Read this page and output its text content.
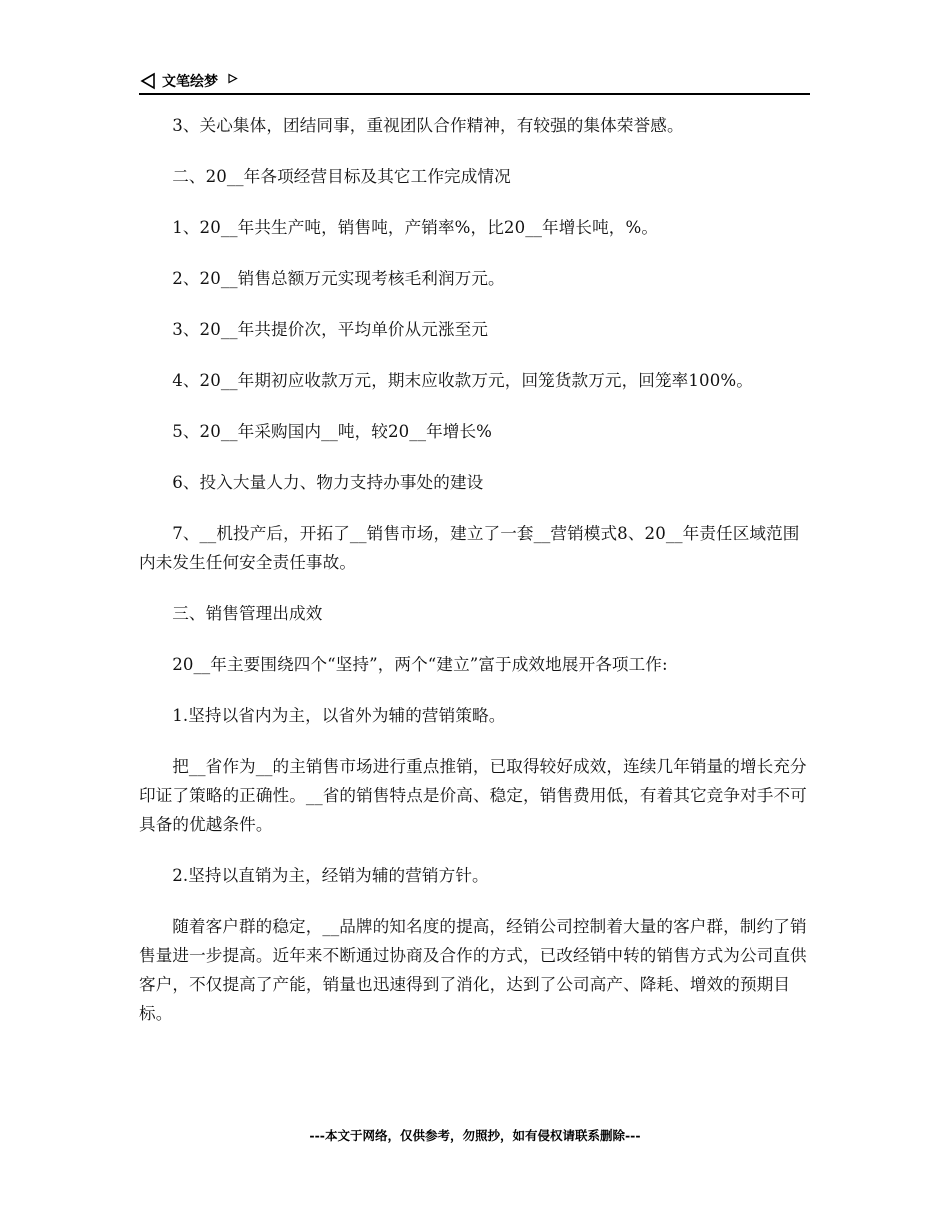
文笔绘梦

3、关心集体，团结同事，重视团队合作精神，有较强的集体荣誉感。

二、20__年各项经营目标及其它工作完成情况

1、20__年共生产吨，销售吨，产销率%，比20__年增长吨，%。

2、20__销售总额万元实现考核毛利润万元。

3、20__年共提价次，平均单价从元涨至元

4、20__年期初应收款万元，期末应收款万元，回笼货款万元，回笼率100%。

5、20__年采购国内__吨，较20__年增长%

6、投入大量人力、物力支持办事处的建设

7、__机投产后，开拓了__销售市场，建立了一套__营销模式8、20__年责任区域范围内未发生任何安全责任事故。

三、销售管理出成效

20__年主要围绕四个“坚持”，两个“建立”富于成效地展开各项工作:

1.坚持以省内为主，以省外为辅的营销策略。

把__省作为__的主销售市场进行重点推销，已取得较好成效，连续几年销量的增长充分印证了策略的正确性。__省的销售特点是价高、稳定，销售费用低，有着其它竞争对手不可具备的优越条件。

2.坚持以直销为主，经销为辅的营销方针。

随着客户群的稳定，__品牌的知名度的提高，经销公司控制着大量的客户群，制约了销售量进一步提高。近年来不断通过协商及合作的方式，已改经销中转的销售方式为公司直供客户，不仅提高了产能，销量也迅速得到了消化，达到了公司高产、降耗、增效的预期目标。

---本文于网络，仅供参考，勿照抄，如有侵权请联系删除---
